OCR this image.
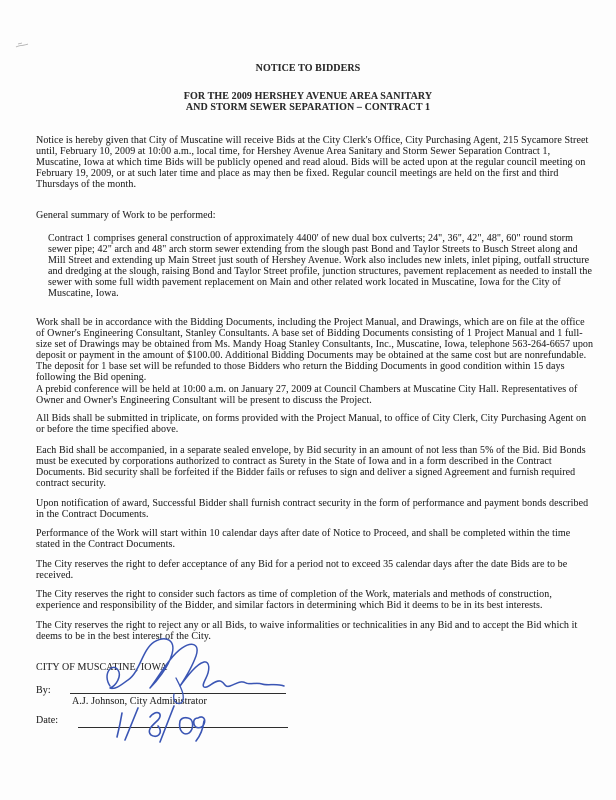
NOTICE TO BIDDERS
FOR THE 2009 HERSHEY AVENUE AREA SANITARY
AND STORM SEWER SEPARATION – CONTRACT 1
Notice is hereby given that City of Muscatine will receive Bids at the City Clerk's Office, City Purchasing Agent, 215 Sycamore Street until, February 10, 2009 at 10:00 a.m., local time, for Hershey Avenue Area Sanitary and Storm Sewer Separation Contract 1, Muscatine, Iowa at which time Bids will be publicly opened and read aloud. Bids will be acted upon at the regular council meeting on February 19, 2009, or at such later time and place as may then be fixed. Regular council meetings are held on the first and third Thursdays of the month.
General summary of Work to be performed:
Contract 1 comprises general construction of approximately 4400' of new dual box culverts; 24", 36", 42", 48", 60" round storm sewer pipe; 42" arch and 48" arch storm sewer extending from the slough past Bond and Taylor Streets to Busch Street along and Mill Street and extending up Main Street just south of Hershey Avenue. Work also includes new inlets, inlet piping, outfall structure and dredging at the slough, raising Bond and Taylor Street profile, junction structures, pavement replacement as needed to install the sewer with some full width pavement replacement on Main and other related work located in Muscatine, Iowa for the City of Muscatine, Iowa.
Work shall be in accordance with the Bidding Documents, including the Project Manual, and Drawings, which are on file at the office of Owner's Engineering Consultant, Stanley Consultants. A base set of Bidding Documents consisting of 1 Project Manual and 1 full-size set of Drawings may be obtained from Ms. Mandy Hoag Stanley Consultants, Inc., Muscatine, Iowa, telephone 563-264-6657 upon deposit or payment in the amount of $100.00. Additional Bidding Documents may be obtained at the same cost but are nonrefundable. The deposit for 1 base set will be refunded to those Bidders who return the Bidding Documents in good condition within 15 days following the Bid opening.
A prebid conference will be held at 10:00 a.m. on January 27, 2009 at Council Chambers at Muscatine City Hall. Representatives of Owner and Owner's Engineering Consultant will be present to discuss the Project.
All Bids shall be submitted in triplicate, on forms provided with the Project Manual, to office of City Clerk, City Purchasing Agent on or before the time specified above.
Each Bid shall be accompanied, in a separate sealed envelope, by Bid security in an amount of not less than 5% of the Bid. Bid Bonds must be executed by corporations authorized to contract as Surety in the State of Iowa and in a form described in the Contract Documents. Bid security shall be forfeited if the Bidder fails or refuses to sign and deliver a signed Agreement and furnish required contract security.
Upon notification of award, Successful Bidder shall furnish contract security in the form of performance and payment bonds described in the Contract Documents.
Performance of the Work will start within 10 calendar days after date of Notice to Proceed, and shall be completed within the time stated in the Contract Documents.
The City reserves the right to defer acceptance of any Bid for a period not to exceed 35 calendar days after the date Bids are to be received.
The City reserves the right to consider such factors as time of completion of the Work, materials and methods of construction, experience and responsibility of the Bidder, and similar factors in determining which Bid it deems to be in its best interests.
The City reserves the right to reject any or all Bids, to waive informalities or technicalities in any Bid and to accept the Bid which it deems to be in the best interest of the City.
CITY OF MUSCATINE, IOWA
By:
A.J. Johnson, City Administrator
Date:
